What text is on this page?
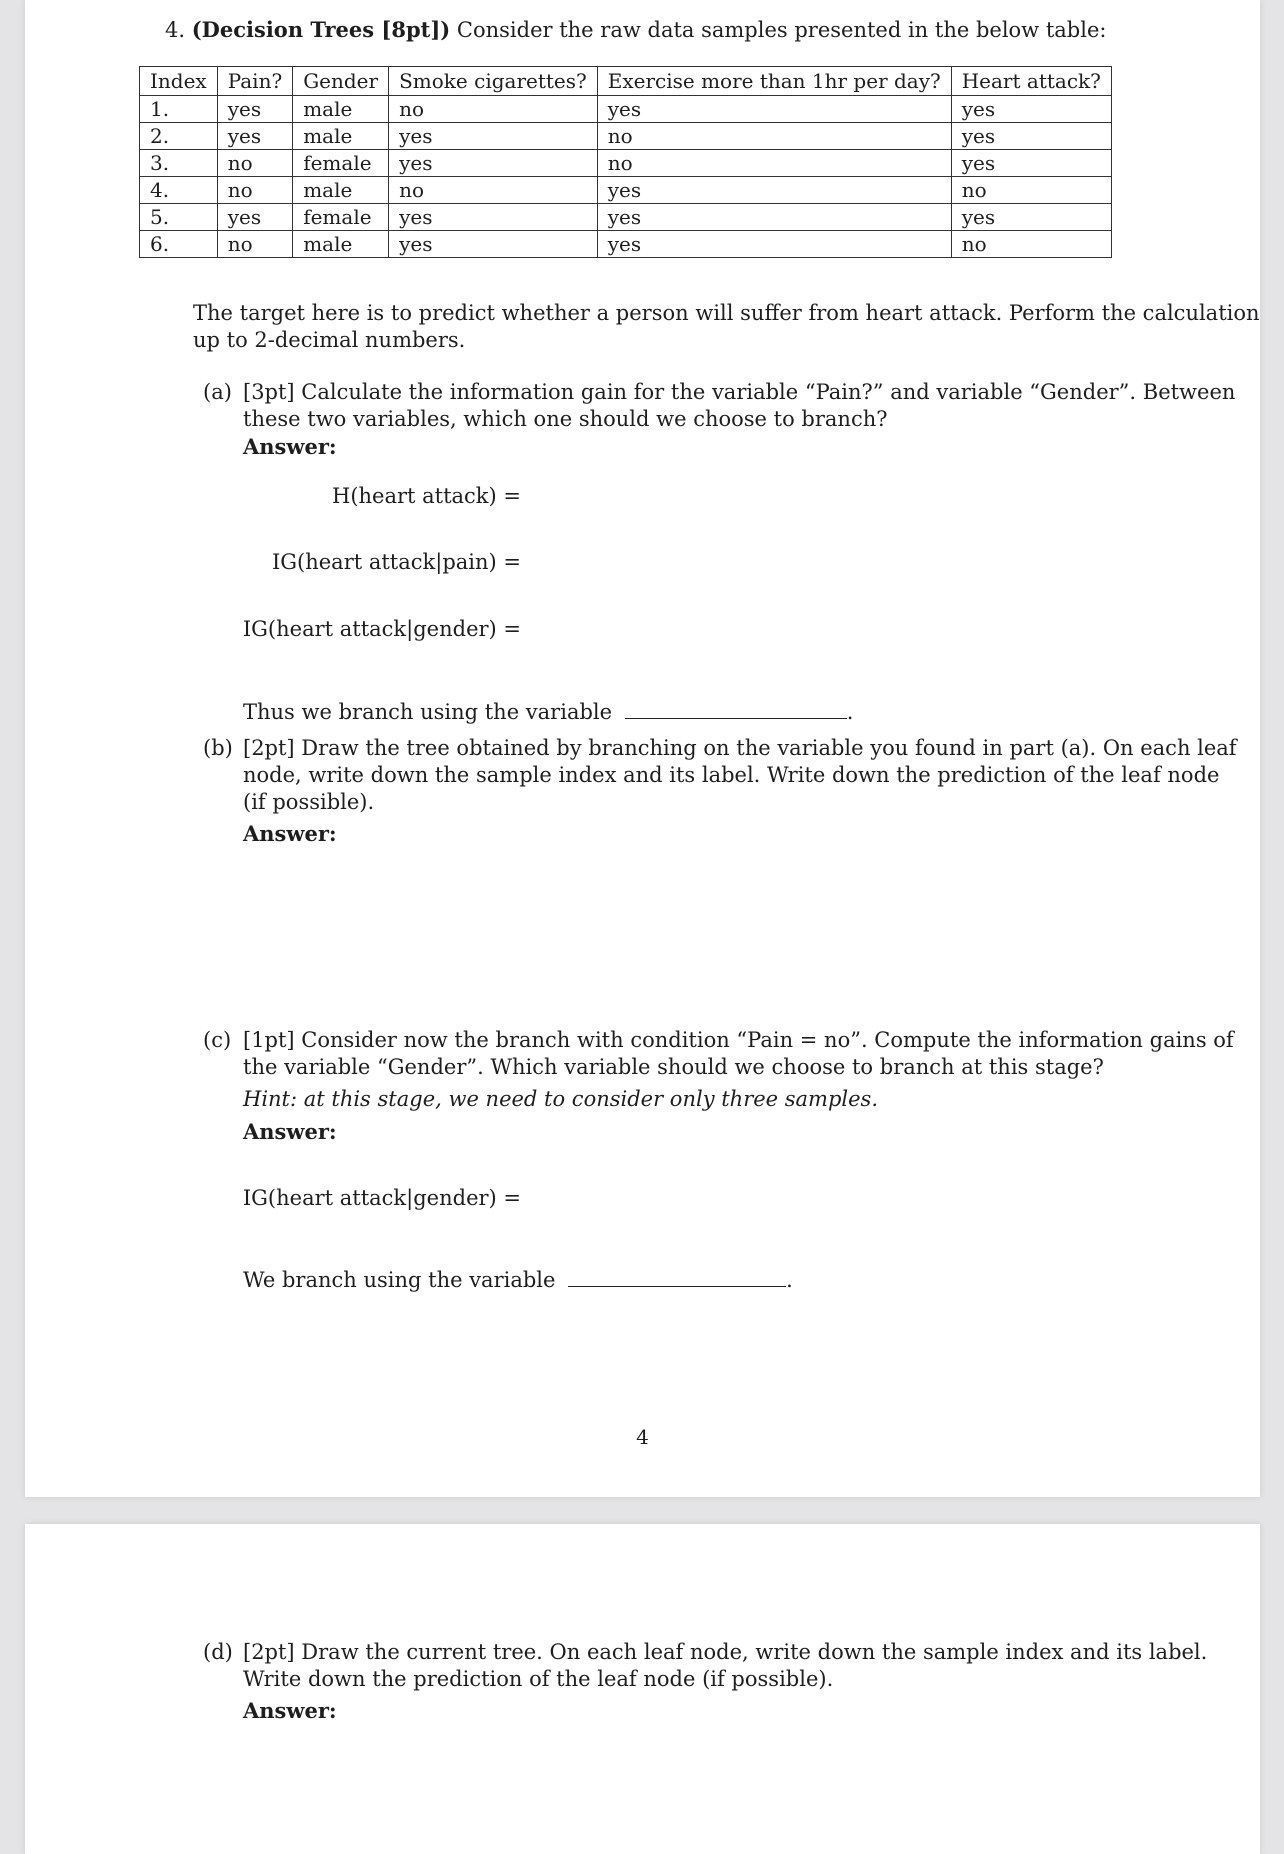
4. (Decision Trees [8pt]) Consider the raw data samples presented in the below table:
Index	Pain?	Gender	Smoke cigarettes?	Exercise more than 1hr per day?	Heart attack?
1.	yes	male	no	yes	yes
2.	yes	male	yes	no	yes
3.	no	female	yes	no	yes
4.	no	male	no	yes	no
5.	yes	female	yes	yes	yes
6.	no	male	yes	yes	no
The target here is to predict whether a person will suffer from heart attack. Perform the calculation
up to 2-decimal numbers.
(a) [3pt] Calculate the information gain for the variable “Pain?” and variable “Gender”. Between
these two variables, which one should we choose to branch?
Answer:
H(heart attack) =
IG(heart attack|pain) =
IG(heart attack|gender) =
Thus we branch using the variable	.
(b) [2pt] Draw the tree obtained by branching on the variable you found in part (a). On each leaf
node, write down the sample index and its label. Write down the prediction of the leaf node
(if possible).
Answer:
(c) [1pt] Consider now the branch with condition “Pain = no”. Compute the information gains of
the variable “Gender”. Which variable should we choose to branch at this stage?
Hint: at this stage, we need to consider only three samples.
Answer:
IG(heart attack|gender) =
We branch using the variable	.
4
(d) [2pt] Draw the current tree. On each leaf node, write down the sample index and its label.
Write down the prediction of the leaf node (if possible).
Answer:
